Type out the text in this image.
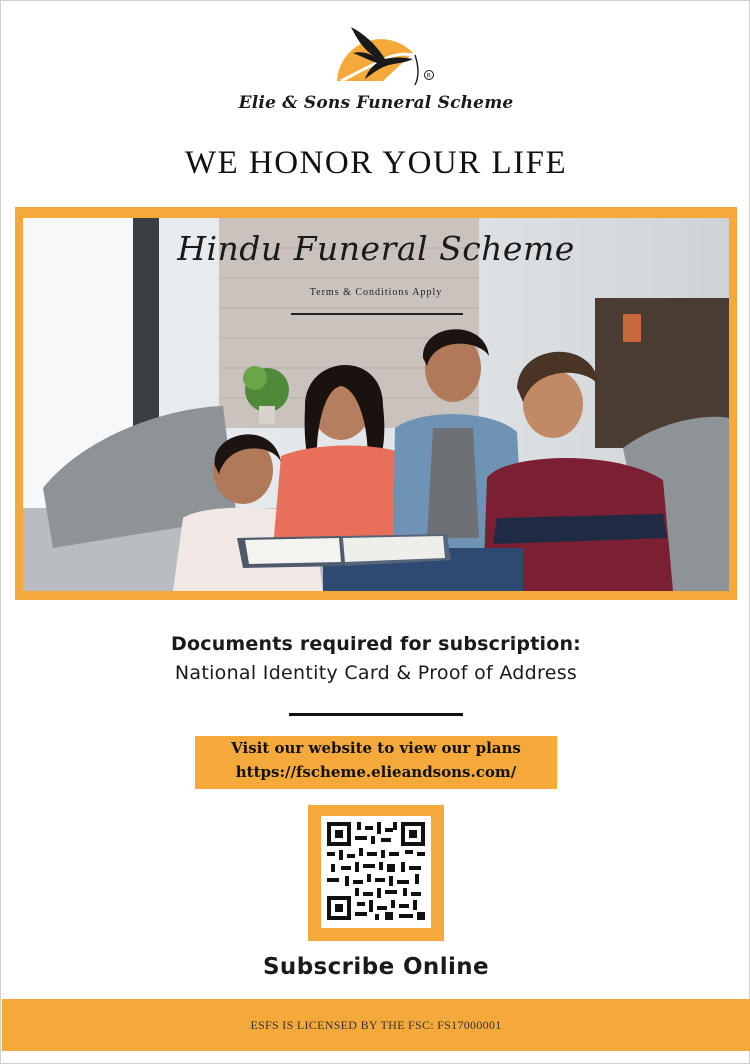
R
Elie & Sons Funeral Scheme
WE HONOR YOUR LIFE
Hindu Funeral Scheme
Terms & Conditions Apply
Documents required for subscription:
National Identity Card & Proof of Address
Visit our website to view our plans
https://fscheme.elieandsons.com/
Subscribe Online
ESFS IS LICENSED BY THE FSC: FS17000001
